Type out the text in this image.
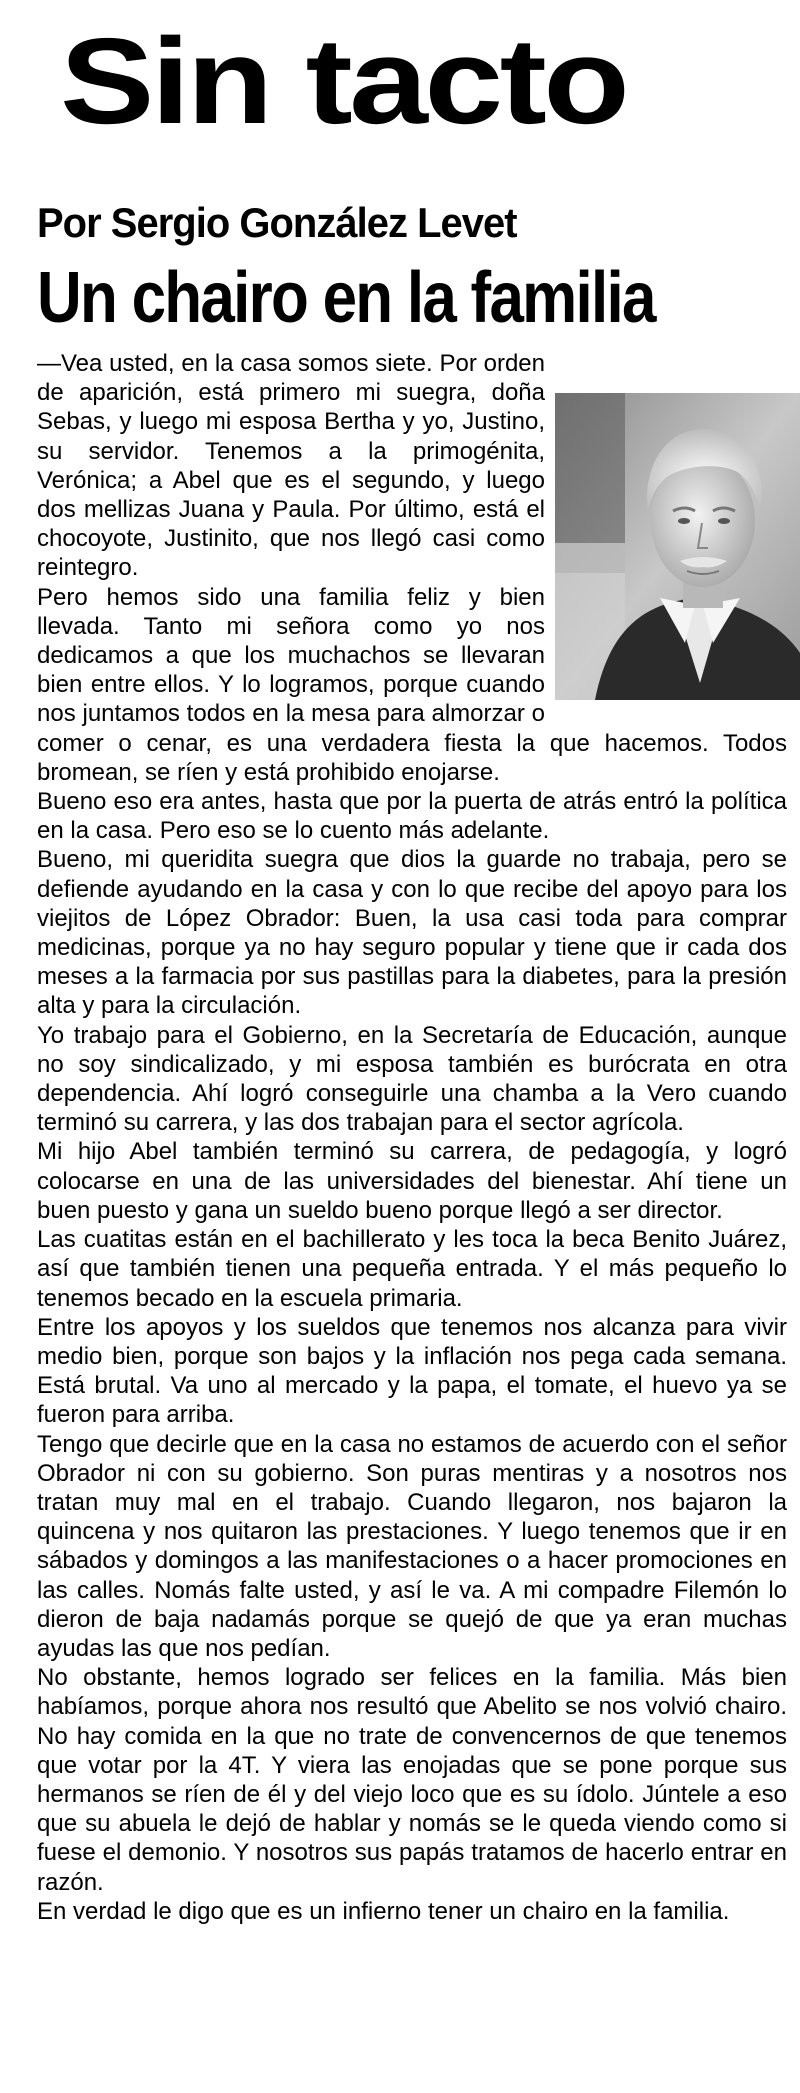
Sin tacto
Por Sergio González Levet
Un chairo en la familia

—Vea usted, en la casa somos siete. Por orden de aparición, está primero mi suegra, doña Sebas, y luego mi esposa Bertha y yo, Justino, su servidor. Tenemos a la primogénita, Verónica; a Abel que es el segundo, y luego dos mellizas Juana y Paula. Por último, está el chocoyote, Justinito, que nos llegó casi como reintegro.

Pero hemos sido una familia feliz y bien llevada. Tanto mi señora como yo nos dedicamos a que los muchachos se llevaran bien entre ellos. Y lo logramos, porque cuando nos juntamos todos en la mesa para almorzar o comer o cenar, es una verdadera fiesta la que hacemos. Todos bromean, se ríen y está prohibido enojarse.

Bueno eso era antes, hasta que por la puerta de atrás entró la política en la casa. Pero eso se lo cuento más adelante.

Bueno, mi queridita suegra que dios la guarde no trabaja, pero se defiende ayudando en la casa y con lo que recibe del apoyo para los viejitos de López Obrador: Buen, la usa casi toda para comprar medicinas, porque ya no hay seguro popular y tiene que ir cada dos meses a la farmacia por sus pastillas para la diabetes, para la presión alta y para la circulación.

Yo trabajo para el Gobierno, en la Secretaría de Educación, aunque no soy sindicalizado, y mi esposa también es burócrata en otra dependencia. Ahí logró conseguirle una chamba a la Vero cuando terminó su carrera, y las dos trabajan para el sector agrícola.

Mi hijo Abel también terminó su carrera, de pedagogía, y logró colocarse en una de las universidades del bienestar. Ahí tiene un buen puesto y gana un sueldo bueno porque llegó a ser director.

Las cuatitas están en el bachillerato y les toca la beca Benito Juárez, así que también tienen una pequeña entrada. Y el más pequeño lo tenemos becado en la escuela primaria.

Entre los apoyos y los sueldos que tenemos nos alcanza para vivir medio bien, porque son bajos y la inflación nos pega cada semana. Está brutal. Va uno al mercado y la papa, el tomate, el huevo ya se fueron para arriba.

Tengo que decirle que en la casa no estamos de acuerdo con el señor Obrador ni con su gobierno. Son puras mentiras y a nosotros nos tratan muy mal en el trabajo. Cuando llegaron, nos bajaron la quincena y nos quitaron las prestaciones. Y luego tenemos que ir en sábados y domingos a las manifestaciones o a hacer promociones en las calles. Nomás falte usted, y así le va. A mi compadre Filemón lo dieron de baja nadamás porque se quejó de que ya eran muchas ayudas las que nos pedían.

No obstante, hemos logrado ser felices en la familia. Más bien habíamos, porque ahora nos resultó que Abelito se nos volvió chairo. No hay comida en la que no trate de convencernos de que tenemos que votar por la 4T. Y viera las enojadas que se pone porque sus hermanos se ríen de él y del viejo loco que es su ídolo. Júntele a eso que su abuela le dejó de hablar y nomás se le queda viendo como si fuese el demonio. Y nosotros sus papás tratamos de hacerlo entrar en razón.

En verdad le digo que es un infierno tener un chairo en la familia.
